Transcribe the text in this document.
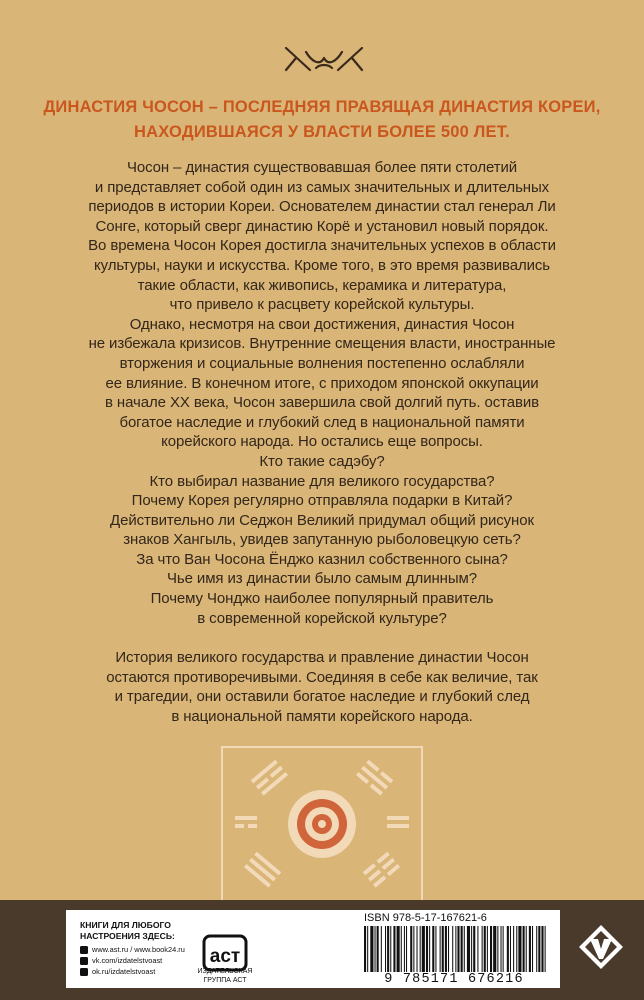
ДИНАСТИЯ ЧОСОН – ПОСЛЕДНЯЯ ПРАВЯЩАЯ ДИНАСТИЯ КОРЕИ,
НАХОДИВШАЯСЯ У ВЛАСТИ БОЛЕЕ 500 ЛЕТ.
Чосон – династия существовавшая более пяти столетий
и представляет собой один из самых значительных и длительных
периодов в истории Кореи. Основателем династии стал генерал Ли
Сонге, который сверг династию Корё и установил новый порядок.
Во времена Чосон Корея достигла значительных успехов в области
культуры, науки и искусства. Кроме того, в это время развивались
такие области, как живопись, керамика и литература,
что привело к расцвету корейской культуры.
Однако, несмотря на свои достижения, династия Чосон
не избежала кризисов. Внутренние смещения власти, иностранные
вторжения и социальные волнения постепенно ослабляли
ее влияние. В конечном итоге, с приходом японской оккупации
в начале XX века, Чосон завершила свой долгий путь. оставив
богатое наследие и глубокий след в национальной памяти
корейского народа. Но остались еще вопросы.
Кто такие садэбу?
Кто выбирал название для великого государства?
Почему Корея регулярно отправляла подарки в Китай?
Действительно ли Седжон Великий придумал общий рисунок
знаков Хангыль, увидев запутанную рыболовецкую сеть?
За что Ван Чосона Ёнджо казнил собственного сына?
Чье имя из династии было самым длинным?
Почему Чонджо наиболее популярный правитель
в современной корейской культуре?
История великого государства и правление династии Чосон
остаются противоречивыми. Соединяя в себе как величие, так
и трагедии, они оставили богатое наследие и глубокий след
в национальной памяти корейского народа.
КНИГИ ДЛЯ ЛЮБОГО
НАСТРОЕНИЯ ЗДЕСЬ:
www.ast.ru / www.book24.ru
vk.com/izdatelstvoast
ok.ru/izdatelstvoast
аст
ИЗДАТЕЛЬСКАЯ
ГРУППА АСТ
ISBN 978-5-17-167621-6
9 785171 676216
